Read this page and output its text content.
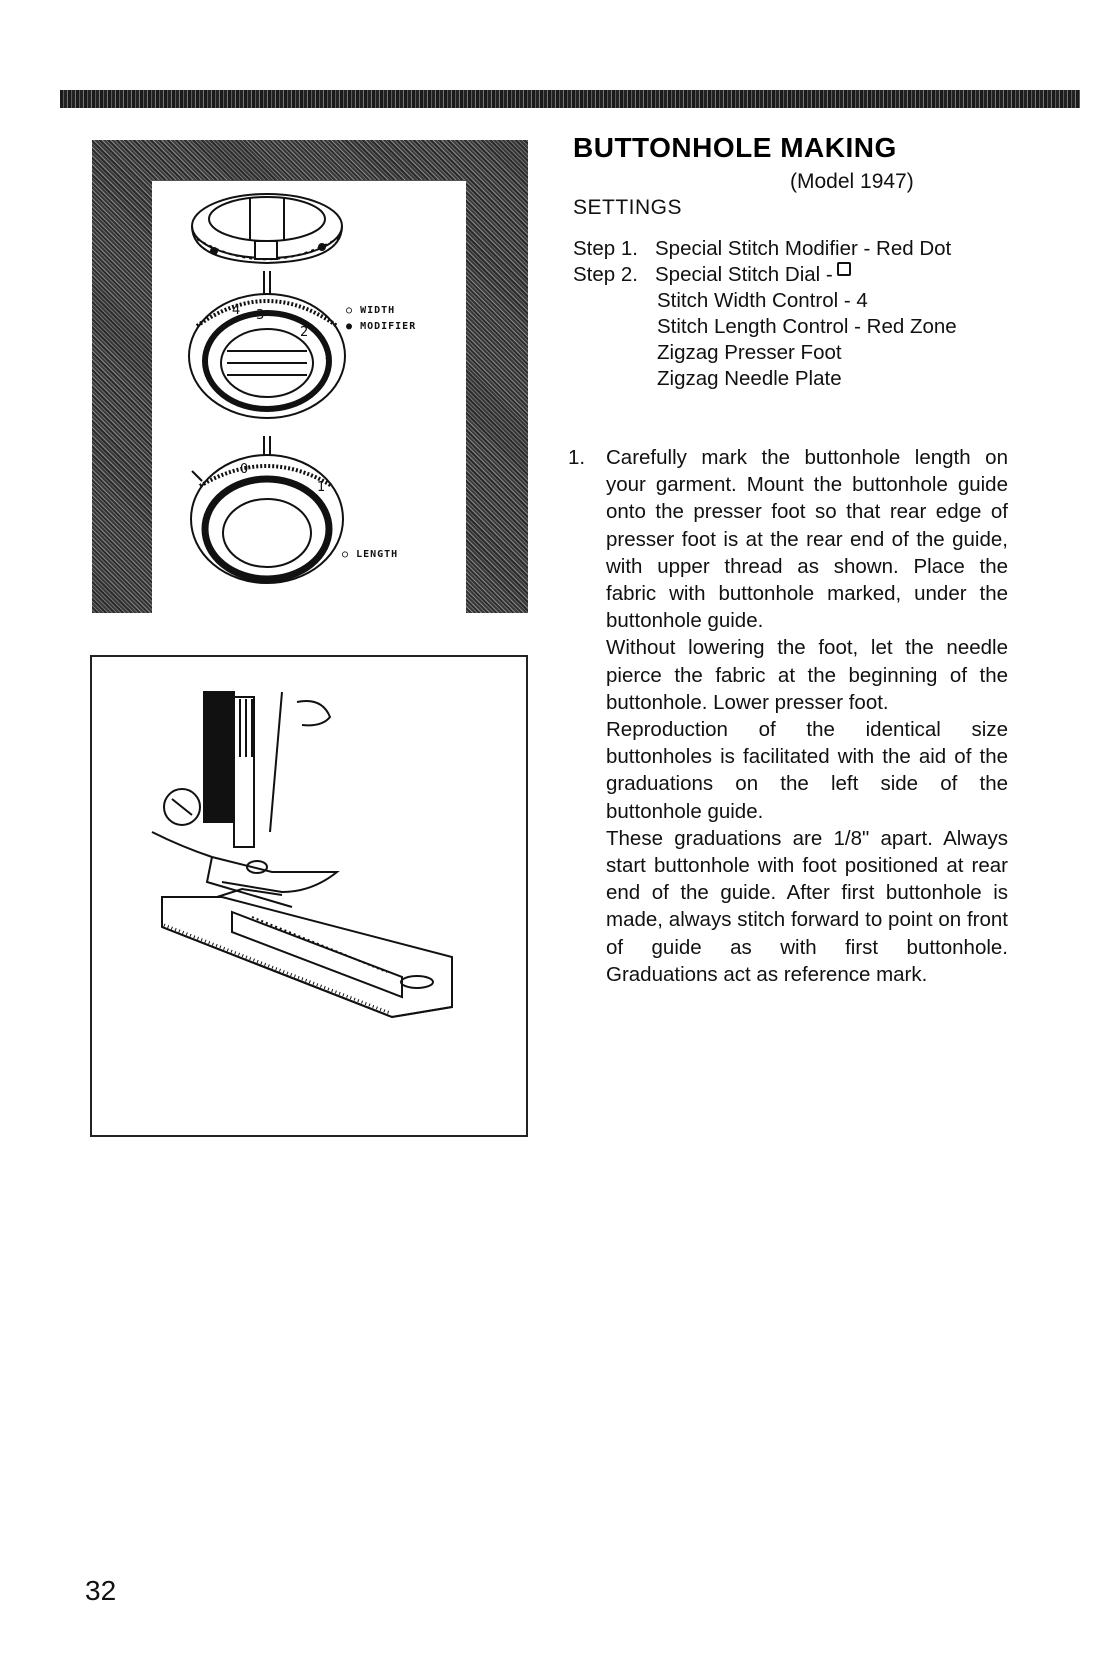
4 3
2
1
0
1
○ WIDTH
● MODIFIER
○ LENGTH
BUTTONHOLE MAKING
(Model 1947)
SETTINGS
Step 1. Special Stitch Modifier - Red Dot
Step 2. Special Stitch Dial -
Stitch Width Control - 4
Stitch Length Control - Red Zone
Zigzag Presser Foot
Zigzag Needle Plate
1. Carefully mark the buttonhole length on your garment. Mount the buttonhole guide onto the presser foot so that rear edge of presser foot is at the rear end of the guide, with upper thread as shown. Place the fabric with buttonhole marked, under the buttonhole guide.

Without lowering the foot, let the needle pierce the fabric at the beginning of the buttonhole. Lower presser foot.

Reproduction of the identical size buttonholes is facilitated with the aid of the graduations on the left side of the buttonhole guide.

These graduations are 1/8" apart. Always start buttonhole with foot positioned at rear end of the guide. After first buttonhole is made, always stitch forward to point on front of guide as with first buttonhole. Graduations act as reference mark.

32
